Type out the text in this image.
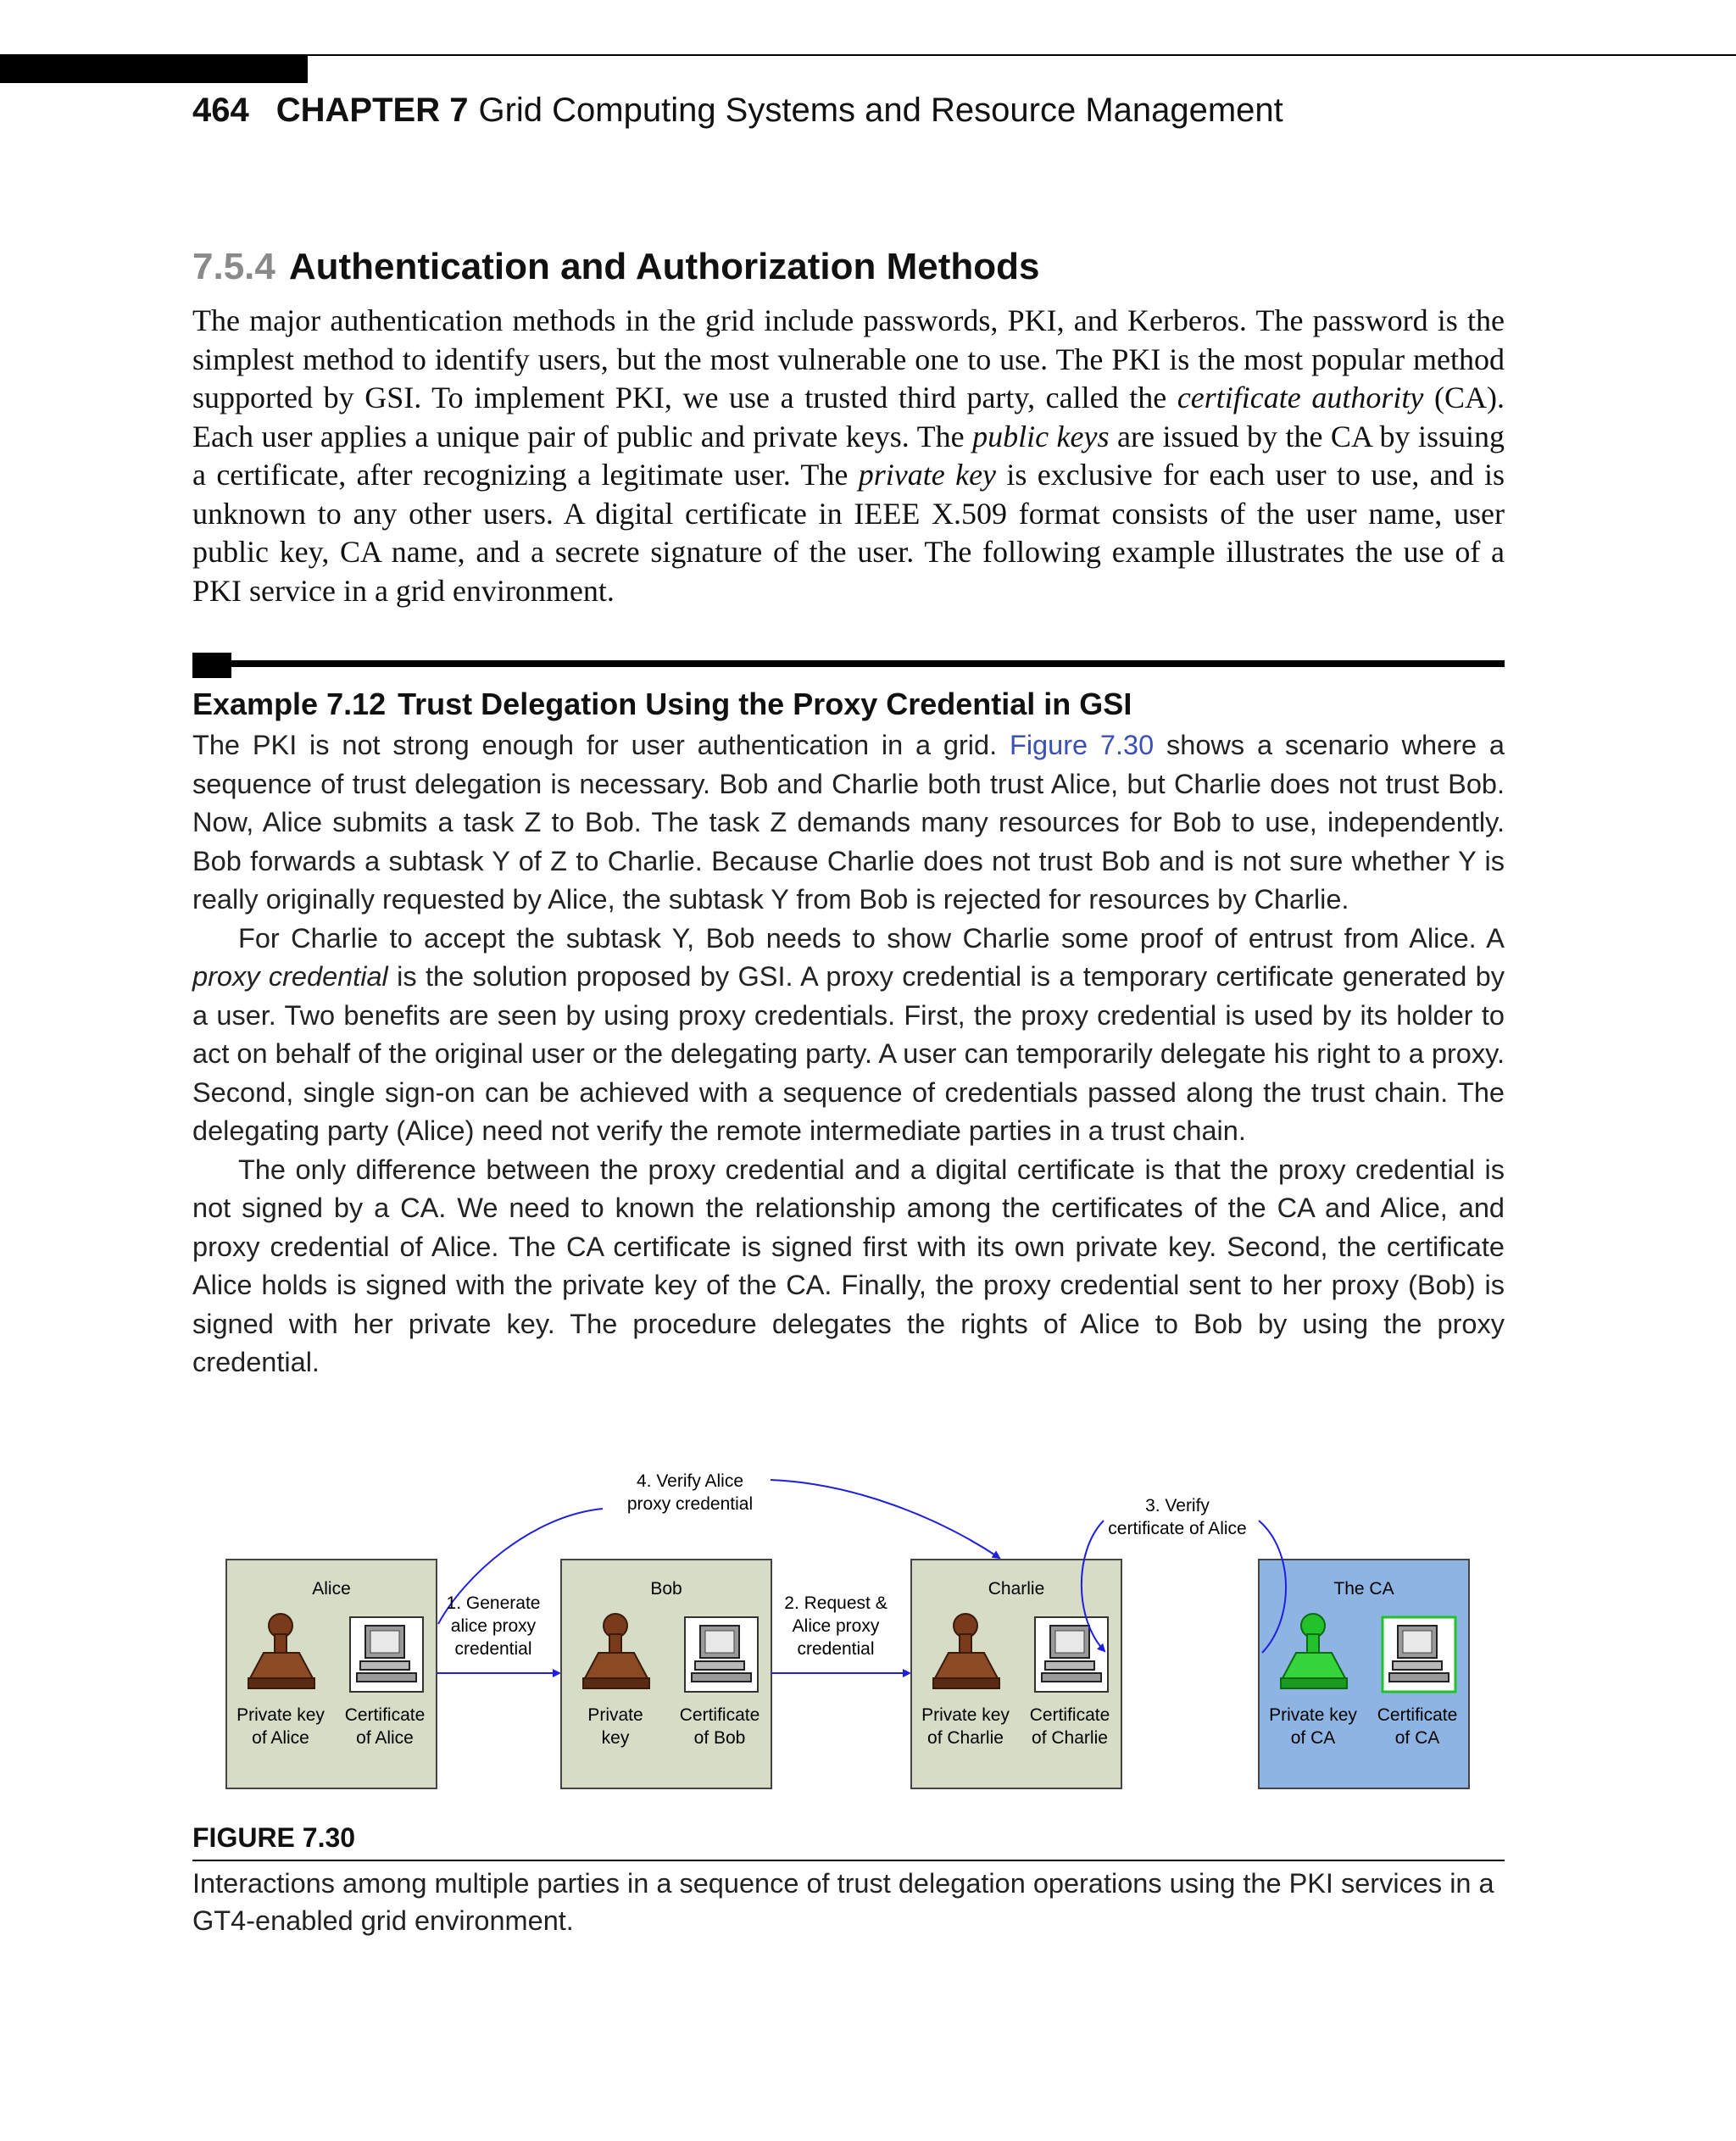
464 CHAPTER 7 Grid Computing Systems and Resource Management
7.5.4 Authentication and Authorization Methods

The major authentication methods in the grid include passwords, PKI, and Kerberos. The password is the simplest method to identify users, but the most vulnerable one to use. The PKI is the most popular method supported by GSI. To implement PKI, we use a trusted third party, called the certificate authority (CA). Each user applies a unique pair of public and private keys. The public keys are issued by the CA by issuing a certificate, after recognizing a legitimate user. The private key is exclusive for each user to use, and is unknown to any other users. A digital certificate in IEEE X.509 format consists of the user name, user public key, CA name, and a secrete signature of the user. The following example illustrates the use of a PKI service in a grid environment.

Example 7.12 Trust Delegation Using the Proxy Credential in GSI

The PKI is not strong enough for user authentication in a grid. Figure 7.30 shows a scenario where a sequence of trust delegation is necessary. Bob and Charlie both trust Alice, but Charlie does not trust Bob. Now, Alice submits a task Z to Bob. The task Z demands many resources for Bob to use, independently. Bob forwards a subtask Y of Z to Charlie. Because Charlie does not trust Bob and is not sure whether Y is really originally requested by Alice, the subtask Y from Bob is rejected for resources by Charlie.

For Charlie to accept the subtask Y, Bob needs to show Charlie some proof of entrust from Alice. A proxy credential is the solution proposed by GSI. A proxy credential is a temporary certificate generated by a user. Two benefits are seen by using proxy credentials. First, the proxy credential is used by its holder to act on behalf of the original user or the delegating party. A user can temporarily delegate his right to a proxy. Second, single sign-on can be achieved with a sequence of credentials passed along the trust chain. The delegating party (Alice) need not verify the remote intermediate parties in a trust chain.

The only difference between the proxy credential and a digital certificate is that the proxy credential is not signed by a CA. We need to known the relationship among the certificates of the CA and Alice, and proxy credential of Alice. The CA certificate is signed first with its own private key. Second, the certificate Alice holds is signed with the private key of the CA. Finally, the proxy credential sent to her proxy (Bob) is signed with her private key. The procedure delegates the rights of Alice to Bob by using the proxy credential.

Alice	Bob	Charlie	The CA
Private key
of Alice
Certificate
of Alice
Private
key
Certificate
of Bob
Private key
of Charlie
Certificate
of Charlie
Private key
of CA
Certificate
of CA
1. Generate
alice proxy
credential
2. Request &
Alice proxy
credential
3. Verify
certificate of Alice
4. Verify Alice
proxy credential
FIGURE 7.30

Interactions among multiple parties in a sequence of trust delegation operations using the PKI services in a GT4-enabled grid environment.
